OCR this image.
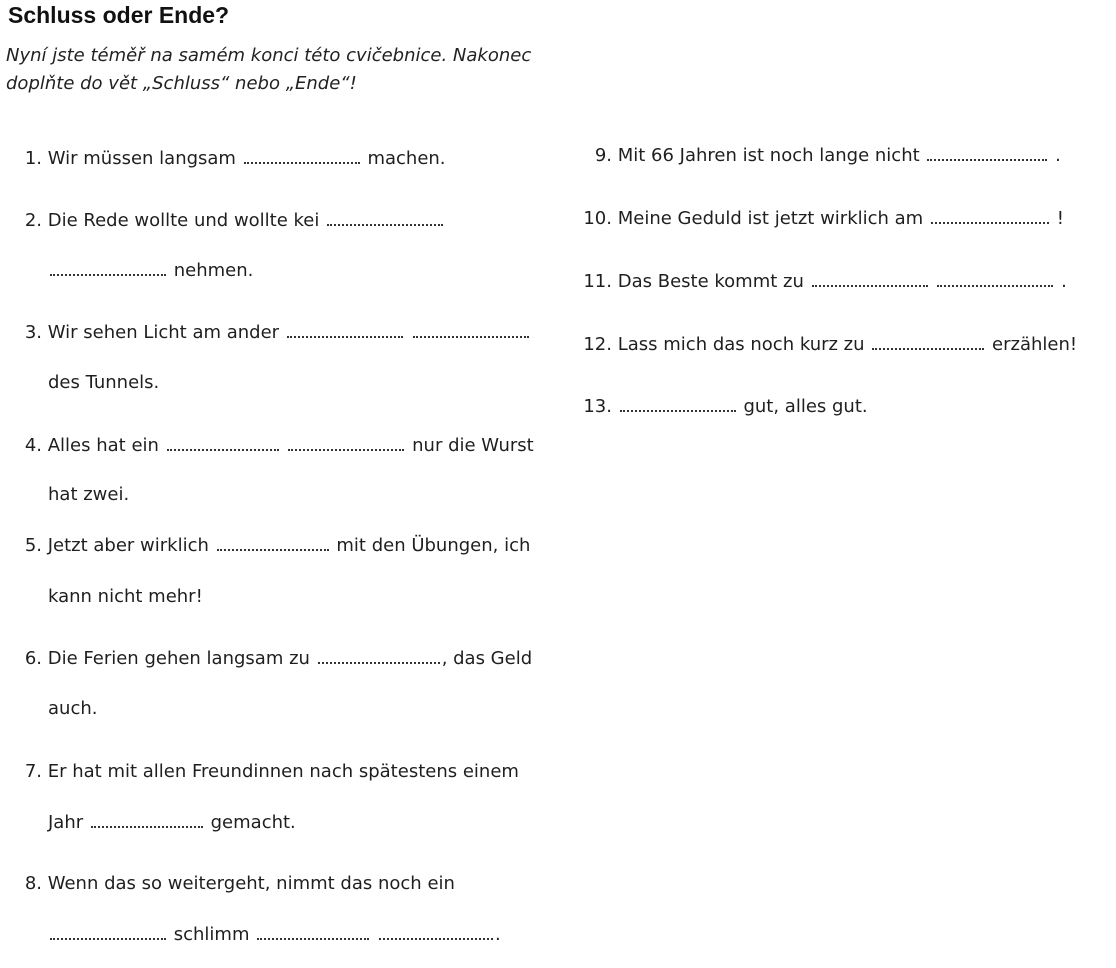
Schluss oder Ende?
Nyní jste téměř na samém konci této cvičebnice. Nakonec
doplňte do vět „Schluss“ nebo „Ende“!
1. Wir müssen langsam	machen.
2. Die Rede wollte und wollte kei
nehmen.
3. Wir sehen Licht am ander
des Tunnels.
4. Alles hat ein	nur die Wurst
hat zwei.
5. Jetzt aber wirklich	mit den Übungen, ich
kann nicht mehr!
6. Die Ferien gehen langsam zu	, das Geld
auch.
7. Er hat mit allen Freundinnen nach spätestens einem
Jahr	gemacht.
8. Wenn das so weitergeht, nimmt das noch ein
schlimm	.
9. Mit 66 Jahren ist noch lange nicht	.
10. Meine Geduld ist jetzt wirklich am	!
11. Das Beste kommt zu	.
12. Lass mich das noch kurz zu	erzählen!
13.	gut, alles gut.
